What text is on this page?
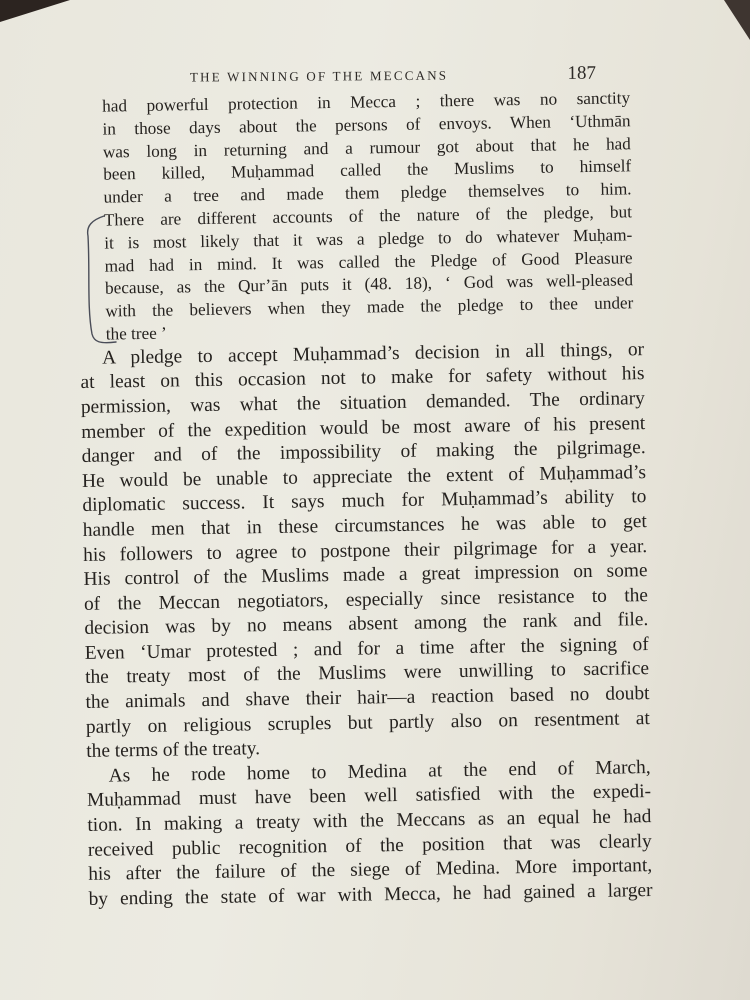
THE WINNING OF THE MECCANS	187
had powerful protection in Mecca ; there was no sanctity
in those days about the persons of envoys. When ‘Uthmān
was long in returning and a rumour got about that he had
been killed, Muḥammad called the Muslims to himself
under a tree and made them pledge themselves to him.
There are different accounts of the nature of the pledge, but
it is most likely that it was a pledge to do whatever Muḥam-
mad had in mind. It was called the Pledge of Good Pleasure
because, as the Qur’ān puts it (48. 18), ‘ God was well-pleased
with the believers when they made the pledge to thee under
the tree ’
A pledge to accept Muḥammad’s decision in all things, or
at least on this occasion not to make for safety without his
permission, was what the situation demanded. The ordinary
member of the expedition would be most aware of his present
danger and of the impossibility of making the pilgrimage.
He would be unable to appreciate the extent of Muḥammad’s
diplomatic success. It says much for Muḥammad’s ability to
handle men that in these circumstances he was able to get
his followers to agree to postpone their pilgrimage for a year.
His control of the Muslims made a great impression on some
of the Meccan negotiators, especially since resistance to the
decision was by no means absent among the rank and file.
Even ‘Umar protested ; and for a time after the signing of
the treaty most of the Muslims were unwilling to sacrifice
the animals and shave their hair—a reaction based no doubt
partly on religious scruples but partly also on resentment at
the terms of the treaty.
As he rode home to Medina at the end of March,
Muḥammad must have been well satisfied with the expedi-
tion. In making a treaty with the Meccans as an equal he had
received public recognition of the position that was clearly
his after the failure of the siege of Medina. More important,
by ending the state of war with Mecca, he had gained a larger
